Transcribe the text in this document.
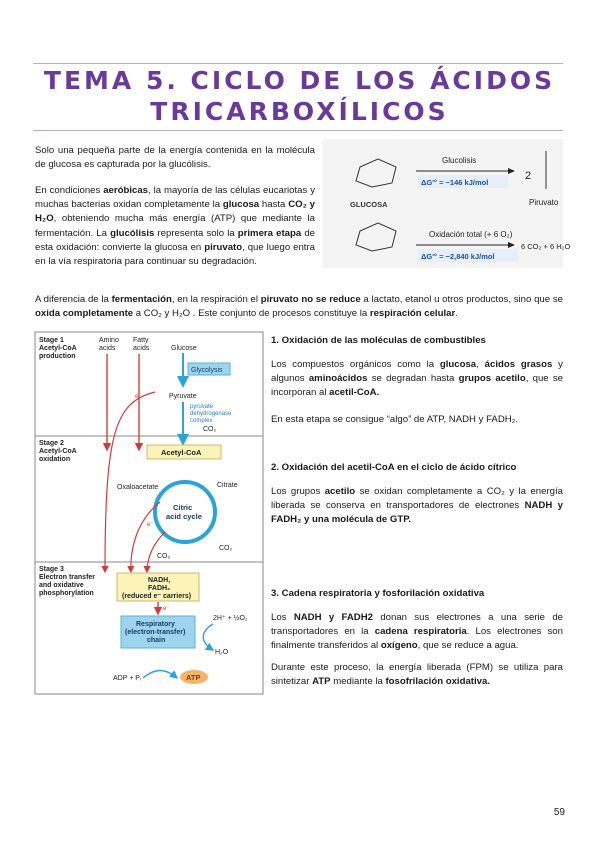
TEMA 5. CICLO DE LOS ÁCIDOS
TRICARBOXÍLICOS
Solo una pequeña parte de la energía contenida en la molécula de glucosa es capturada por la glucólisis.
En condiciones aeróbicas, la mayoría de las células eucariotas y muchas bacterias oxidan completamente la glucosa hasta CO₂ y H₂O, obteniendo mucha más energía (ATP) que mediante la fermentación. La glucólisis representa solo la primera etapa de esta oxidación: convierte la glucosa en piruvato, que luego entra en la vía respiratoria para continuar su degradación.
GLUCOSA
Glucolisis
ΔG'° = −146 kJ/mol
2
Piruvato
Oxidación total (+ 6 O₂)
ΔG'° = −2,840 kJ/mol
6 CO₂ + 6 H₂O
A diferencia de la fermentación, en la respiración el piruvato no se reduce a lactato, etanol u otros productos, sino que se oxida completamente a CO₂ y H₂O . Este conjunto de procesos constituye la respiración celular.
Stage 1 Acetyl-CoA production
Stage 2 Acetyl-CoA oxidation
Stage 3 Electron transfer and oxidative phosphorylation
Amino acids
Fatty acids	Glucose
Glycolysis
Pyruvate
pyruvate dehydrogenase complex
CO₂
Acetyl-CoA
Citric acid cycle
Oxaloacetate	Citrate
CO₂
CO₂
e⁻
e⁻
NADH, FADH₂ (reduced e⁻ carriers)
e⁻
Respiratory (electron-transfer) chain
2H⁺ + ½O₂
H₂O
ADP + Pᵢ	ATP
1. Oxidación de las moléculas de combustibles
Los compuestos orgánicos como la glucosa, ácidos grasos y algunos aminoácidos se degradan hasta grupos acetilo, que se incorporan al acetil-CoA.
En esta etapa se consigue “algo” de ATP, NADH y FADH₂.
2. Oxidación del acetil-CoA en el ciclo de ácido cítrico
Los grupos acetilo se oxidan completamente a CO₂ y la energía liberada se conserva en transportadores de electrones NADH y FADH₂ y una molécula de GTP.
3. Cadena respiratoria y fosforilación oxidativa
Los NADH y FADH2 donan sus electrones a una serie de transportadores en la cadena respiratoria. Los electrones son finalmente transferidos al oxígeno, que se reduce a agua.
Durante este proceso, la energía liberada (FPM) se utiliza para sintetizar ATP mediante la fosofrilación oxidativa.
59
